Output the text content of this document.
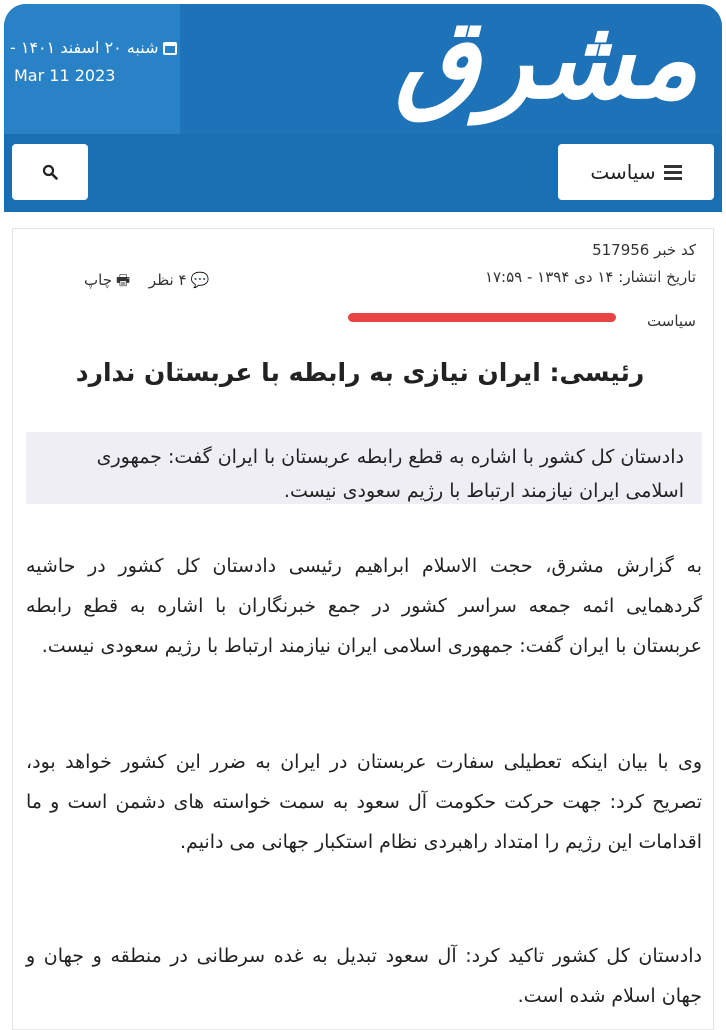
شنبه ۲۰ اسفند ۱۴۰۱ -
Mar 11 2023	مشرق
سیاست
کد خبر 517956
تاریخ انتشار: ۱۴ دی ۱۳۹۴ - ۱۷:۵۹
سیاست
💬۴ نظر 🖶چاپ
رئیسی: ایران نیازی به رابطه با عربستان ندارد
دادستان کل کشور با اشاره به قطع رابطه عربستان با ایران گفت: جمهوری اسلامی ایران نیازمند ارتباط با رژیم سعودی نیست.
به گزارش مشرق، حجت الاسلام ابراهیم رئیسی دادستان کل کشور در حاشیه گردهمایی ائمه جمعه سراسر کشور در جمع خبرنگاران با اشاره به قطع رابطه عربستان با ایران گفت: جمهوری اسلامی ایران نیازمند ارتباط با رژیم سعودی نیست.
وی با بیان اینکه تعطیلی سفارت عربستان در ایران به ضرر این کشور خواهد بود، تصریح کرد: جهت حرکت حکومت آل سعود به سمت خواسته های دشمن است و ما اقدامات این رژیم را امتداد راهبردی نظام استکبار جهانی می دانیم.
دادستان کل کشور تاکید کرد: آل سعود تبدیل به غده سرطانی در منطقه و جهان و جهان اسلام شده است.
